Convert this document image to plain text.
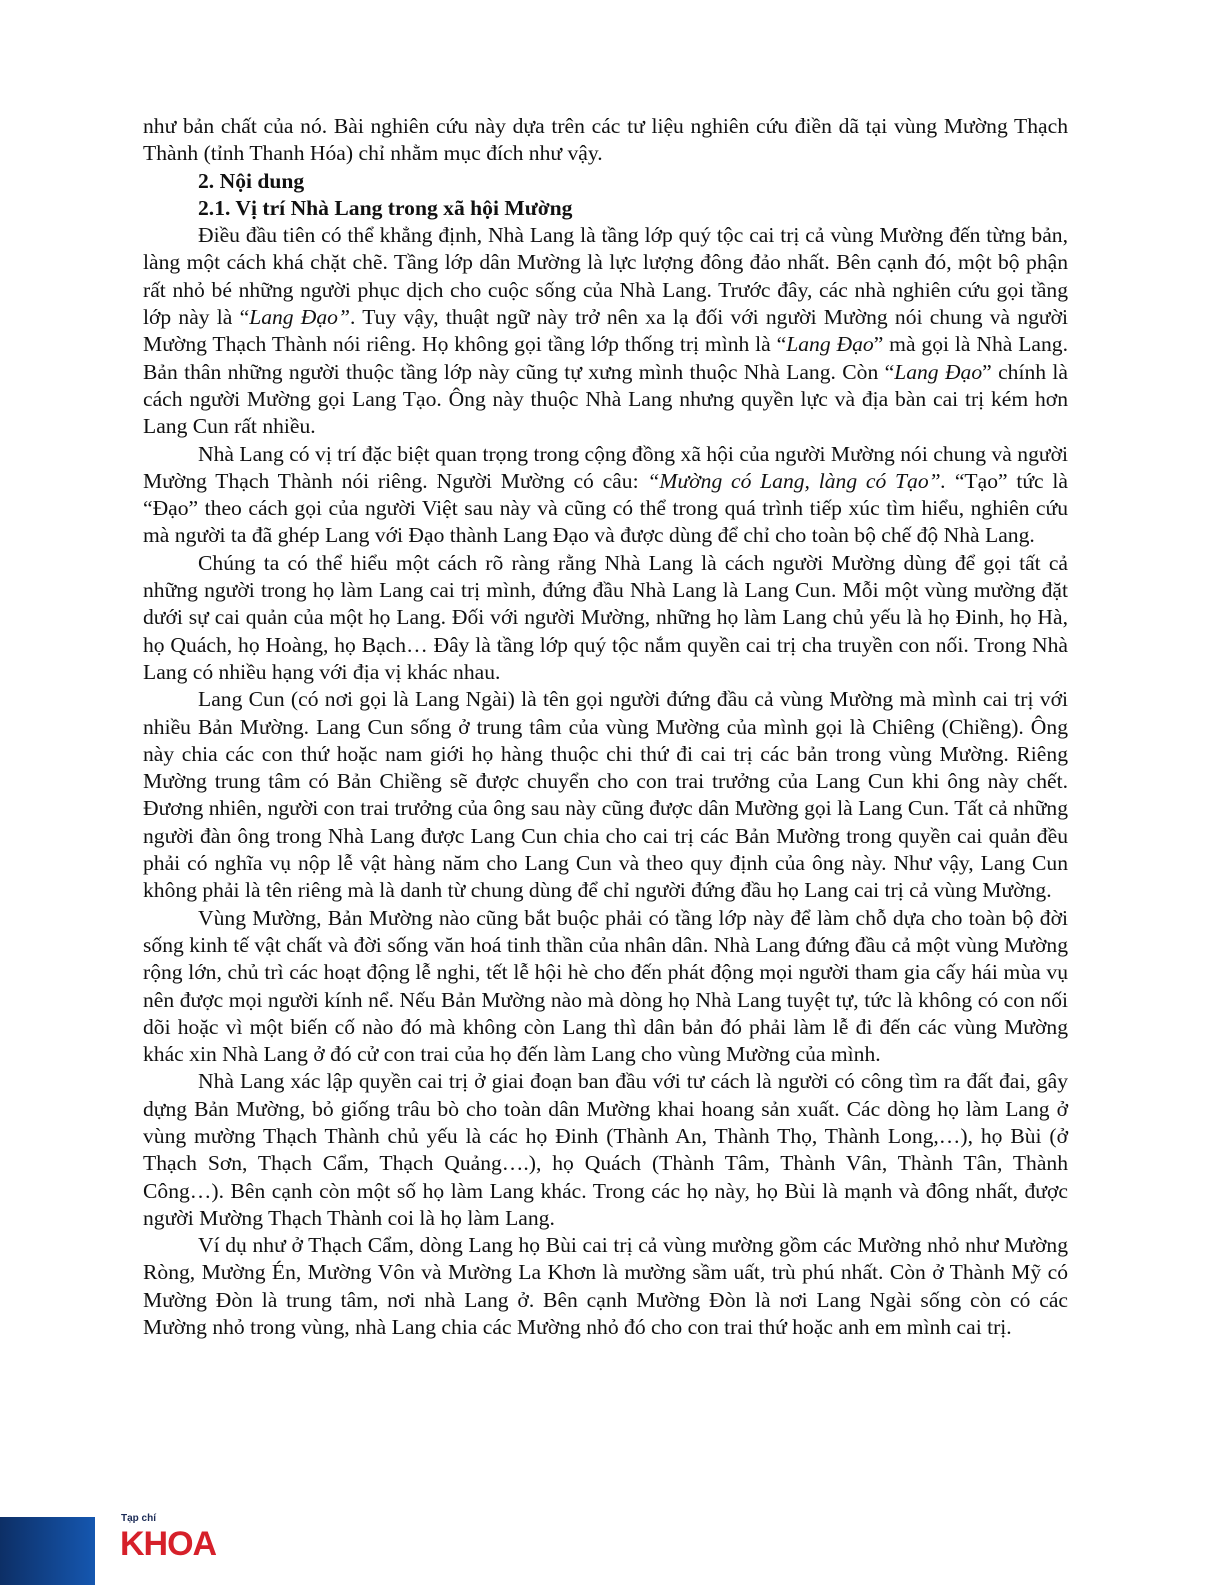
như bản chất của nó. Bài nghiên cứu này dựa trên các tư liệu nghiên cứu điền dã tại vùng Mường Thạch Thành (tỉnh Thanh Hóa) chỉ nhằm mục đích như vậy.

2. Nội dung
2.1. Vị trí Nhà Lang trong xã hội Mường

Điều đầu tiên có thể khẳng định, Nhà Lang là tầng lớp quý tộc cai trị cả vùng Mường đến từng bản, làng một cách khá chặt chẽ. Tầng lớp dân Mường là lực lượng đông đảo nhất. Bên cạnh đó, một bộ phận rất nhỏ bé những người phục dịch cho cuộc sống của Nhà Lang. Trước đây, các nhà nghiên cứu gọi tầng lớp này là “Lang Đạo”. Tuy vậy, thuật ngữ này trở nên xa lạ đối với người Mường nói chung và người Mường Thạch Thành nói riêng. Họ không gọi tầng lớp thống trị mình là “Lang Đạo” mà gọi là Nhà Lang. Bản thân những người thuộc tầng lớp này cũng tự xưng mình thuộc Nhà Lang. Còn “Lang Đạo” chính là cách người Mường gọi Lang Tạo. Ông này thuộc Nhà Lang nhưng quyền lực và địa bàn cai trị kém hơn Lang Cun rất nhiều.

Nhà Lang có vị trí đặc biệt quan trọng trong cộng đồng xã hội của người Mường nói chung và người Mường Thạch Thành nói riêng. Người Mường có câu: “Mường có Lang, làng có Tạo”. “Tạo” tức là “Đạo” theo cách gọi của người Việt sau này và cũng có thể trong quá trình tiếp xúc tìm hiểu, nghiên cứu mà người ta đã ghép Lang với Đạo thành Lang Đạo và được dùng để chỉ cho toàn bộ chế độ Nhà Lang.

Chúng ta có thể hiểu một cách rõ ràng rằng Nhà Lang là cách người Mường dùng để gọi tất cả những người trong họ làm Lang cai trị mình, đứng đầu Nhà Lang là Lang Cun. Mỗi một vùng mường đặt dưới sự cai quản của một họ Lang. Đối với người Mường, những họ làm Lang chủ yếu là họ Đinh, họ Hà, họ Quách, họ Hoàng, họ Bạch… Đây là tầng lớp quý tộc nắm quyền cai trị cha truyền con nối. Trong Nhà Lang có nhiều hạng với địa vị khác nhau.

Lang Cun (có nơi gọi là Lang Ngài) là tên gọi người đứng đầu cả vùng Mường mà mình cai trị với nhiều Bản Mường. Lang Cun sống ở trung tâm của vùng Mường của mình gọi là Chiêng (Chiềng). Ông này chia các con thứ hoặc nam giới họ hàng thuộc chi thứ đi cai trị các bản trong vùng Mường. Riêng Mường trung tâm có Bản Chiềng sẽ được chuyển cho con trai trưởng của Lang Cun khi ông này chết. Đương nhiên, người con trai trưởng của ông sau này cũng được dân Mường gọi là Lang Cun. Tất cả những người đàn ông trong Nhà Lang được Lang Cun chia cho cai trị các Bản Mường trong quyền cai quản đều phải có nghĩa vụ nộp lễ vật hàng năm cho Lang Cun và theo quy định của ông này. Như vậy, Lang Cun không phải là tên riêng mà là danh từ chung dùng để chỉ người đứng đầu họ Lang cai trị cả vùng Mường.

Vùng Mường, Bản Mường nào cũng bắt buộc phải có tầng lớp này để làm chỗ dựa cho toàn bộ đời sống kinh tế vật chất và đời sống văn hoá tinh thần của nhân dân. Nhà Lang đứng đầu cả một vùng Mường rộng lớn, chủ trì các hoạt động lễ nghi, tết lễ hội hè cho đến phát động mọi người tham gia cấy hái mùa vụ nên được mọi người kính nể. Nếu Bản Mường nào mà dòng họ Nhà Lang tuyệt tự, tức là không có con nối dõi hoặc vì một biến cố nào đó mà không còn Lang thì dân bản đó phải làm lễ đi đến các vùng Mường khác xin Nhà Lang ở đó cử con trai của họ đến làm Lang cho vùng Mường của mình.

Nhà Lang xác lập quyền cai trị ở giai đoạn ban đầu với tư cách là người có công tìm ra đất đai, gây dựng Bản Mường, bỏ giống trâu bò cho toàn dân Mường khai hoang sản xuất. Các dòng họ làm Lang ở vùng mường Thạch Thành chủ yếu là các họ Đinh (Thành An, Thành Thọ, Thành Long,…), họ Bùi (ở Thạch Sơn, Thạch Cẩm, Thạch Quảng….), họ Quách (Thành Tâm, Thành Vân, Thành Tân, Thành Công…). Bên cạnh còn một số họ làm Lang khác. Trong các họ này, họ Bùi là mạnh và đông nhất, được người Mường Thạch Thành coi là họ làm Lang.

Ví dụ như ở Thạch Cẩm, dòng Lang họ Bùi cai trị cả vùng mường gồm các Mường nhỏ như Mường Ròng, Mường Én, Mường Vôn và Mường La Khơn là mường sầm uất, trù phú nhất. Còn ở Thành Mỹ có Mường Đòn là trung tâm, nơi nhà Lang ở. Bên cạnh Mường Đòn là nơi Lang Ngài sống còn có các Mường nhỏ trong vùng, nhà Lang chia các Mường nhỏ đó cho con trai thứ hoặc anh em mình cai trị.

Tạp chí
KHOA
